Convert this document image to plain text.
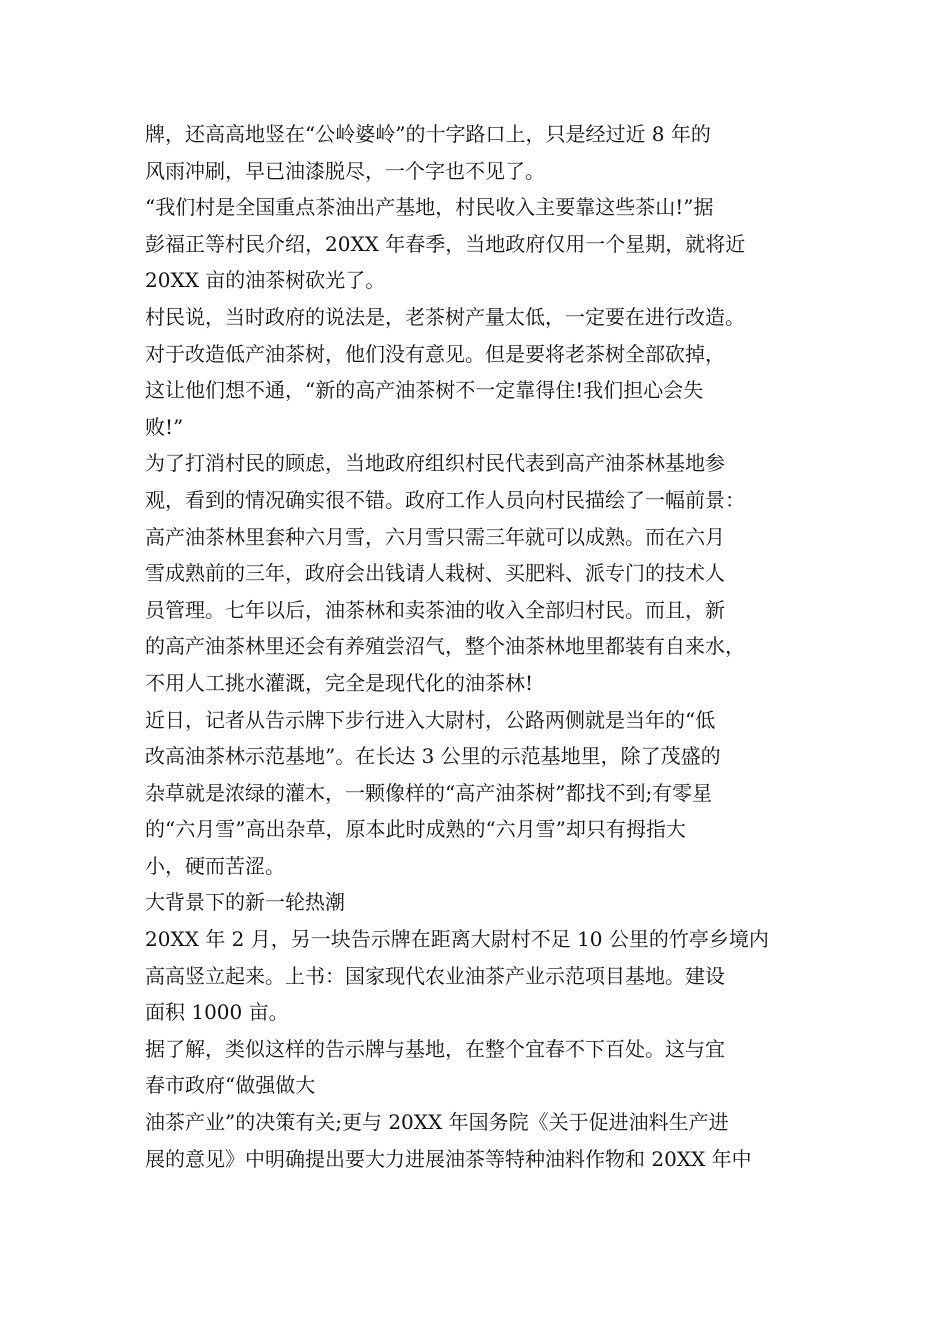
牌，还高高地竖在“公岭婆岭”的十字路口上，只是经过近 8 年的
风雨冲刷，早已油漆脱尽，一个字也不见了。
“我们村是全国重点茶油出产基地，村民收入主要靠这些茶山!”据
彭福正等村民介绍，20XX 年春季，当地政府仅用一个星期，就将近
20XX 亩的油茶树砍光了。
村民说，当时政府的说法是，老茶树产量太低，一定要在进行改造。
对于改造低产油茶树，他们没有意见。但是要将老茶树全部砍掉，
这让他们想不通，“新的高产油茶树不一定靠得住!我们担心会失
败!”
为了打消村民的顾虑，当地政府组织村民代表到高产油茶林基地参
观，看到的情况确实很不错。政府工作人员向村民描绘了一幅前景：
高产油茶林里套种六月雪，六月雪只需三年就可以成熟。而在六月
雪成熟前的三年，政府会出钱请人栽树、买肥料、派专门的技术人
员管理。七年以后，油茶林和卖茶油的收入全部归村民。而且，新
的高产油茶林里还会有养殖尝沼气，整个油茶林地里都装有自来水，
不用人工挑水灌溉，完全是现代化的油茶林!
近日，记者从告示牌下步行进入大尉村，公路两侧就是当年的“低
改高油茶林示范基地”。在长达 3 公里的示范基地里，除了茂盛的
杂草就是浓绿的灌木，一颗像样的“高产油茶树”都找不到;有零星
的“六月雪”高出杂草，原本此时成熟的“六月雪”却只有拇指大
小，硬而苦涩。
大背景下的新一轮热潮
20XX 年 2 月，另一块告示牌在距离大尉村不足 10 公里的竹亭乡境内
高高竖立起来。上书：国家现代农业油茶产业示范项目基地。建设
面积 1000 亩。
据了解，类似这样的告示牌与基地，在整个宜春不下百处。这与宜
春市政府“做强做大
油茶产业”的决策有关;更与 20XX 年国务院《关于促进油料生产进
展的意见》中明确提出要大力进展油茶等特种油料作物和 20XX 年中
